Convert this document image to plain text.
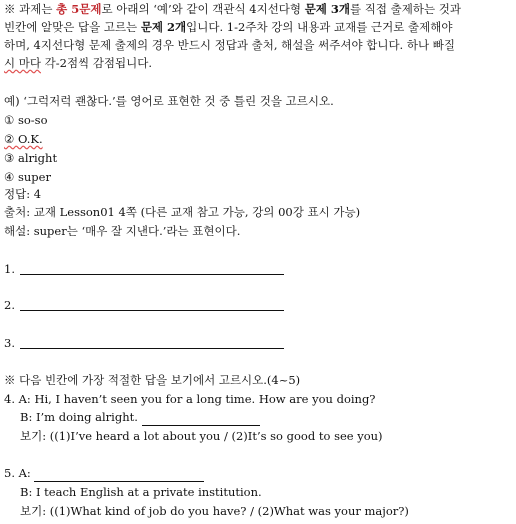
※ 과제는 총 5문제로 아래의 ‘예’와 같이 객관식 4지선다형 문제 3개를 직접 출제하는 것과
빈칸에 알맞은 답을 고르는 문제 2개입니다. 1-2주차 강의 내용과 교재를 근거로 출제해야
하며, 4지선다형 문제 출제의 경우 반드시 정답과 출처, 해설을 써주셔야 합니다. 하나 빠질
시 마다 각-2점씩 감점됩니다.
예) ‘그럭저럭 괜찮다.’를 영어로 표현한 것 중 틀린 것을 고르시오.
① so-so
② O.K.
③ alright
④ super
정답: 4
출처: 교재 Lesson01 4쪽 (다른 교재 참고 가능, 강의 00강 표시 가능)
해설: super는 ‘매우 잘 지낸다.’라는 표현이다.
1.
2.
3.
※ 다음 빈칸에 가장 적절한 답을 보기에서 고르시오.(4~5)
4. A: Hi, I haven’t seen you for a long time. How are you doing?
B: I’m doing alright.
보기: ((1)I’ve heard a lot about you / (2)It’s so good to see you)
5. A:
B: I teach English at a private institution.
보기: ((1)What kind of job do you have? / (2)What was your major?)
